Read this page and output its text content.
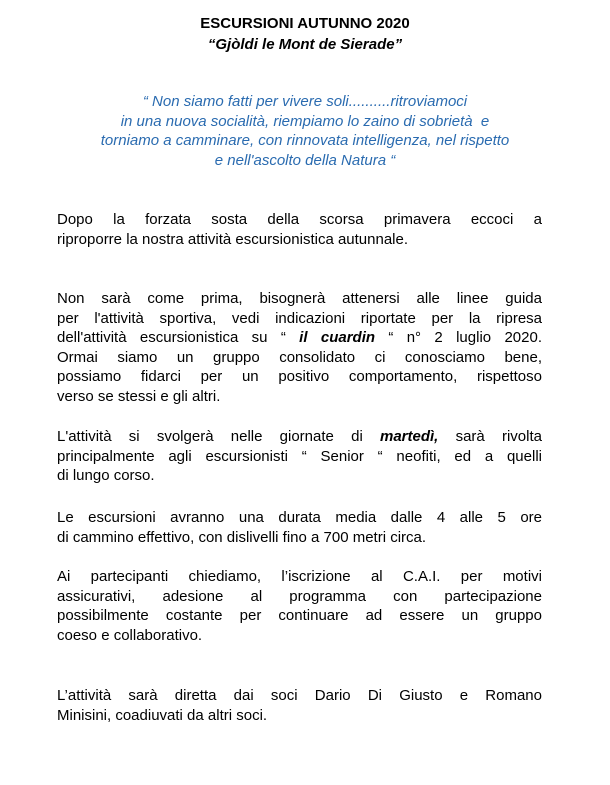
ESCURSIONI AUTUNNO 2020
“Gjòldi le Mont de Sierade”
“ Non siamo fatti per vivere soli..........ritroviamoci
in una nuova socialità, riempiamo lo zaino di sobrietà  e
torniamo a camminare, con rinnovata intelligenza, nel rispetto
e nell'ascolto della Natura “
Dopo la forzata sosta della scorsa primavera eccoci a
riproporre la nostra attività escursionistica autunnale.
Non sarà come prima, bisognerà attenersi alle linee guida
per l'attività sportiva, vedi indicazioni riportate per la ripresa
dell'attività escursionistica su “ il cuardin “ n° 2 luglio 2020.
Ormai siamo un gruppo consolidato ci conosciamo bene,
possiamo fidarci per un positivo comportamento, rispettoso
verso se stessi e gli altri.
L'attività si svolgerà nelle giornate di martedì, sarà rivolta
principalmente agli escursionisti “ Senior “ neofiti, ed a quelli
di lungo corso.
Le escursioni avranno una durata media dalle 4 alle 5 ore
di cammino effettivo, con dislivelli fino a 700 metri circa.
Ai partecipanti chiediamo, l’iscrizione al C.A.I. per motivi
assicurativi, adesione al programma con partecipazione
possibilmente costante per continuare ad essere un gruppo
coeso e collaborativo.
L’attività sarà diretta dai soci Dario Di Giusto e Romano
Minisini, coadiuvati da altri soci.
